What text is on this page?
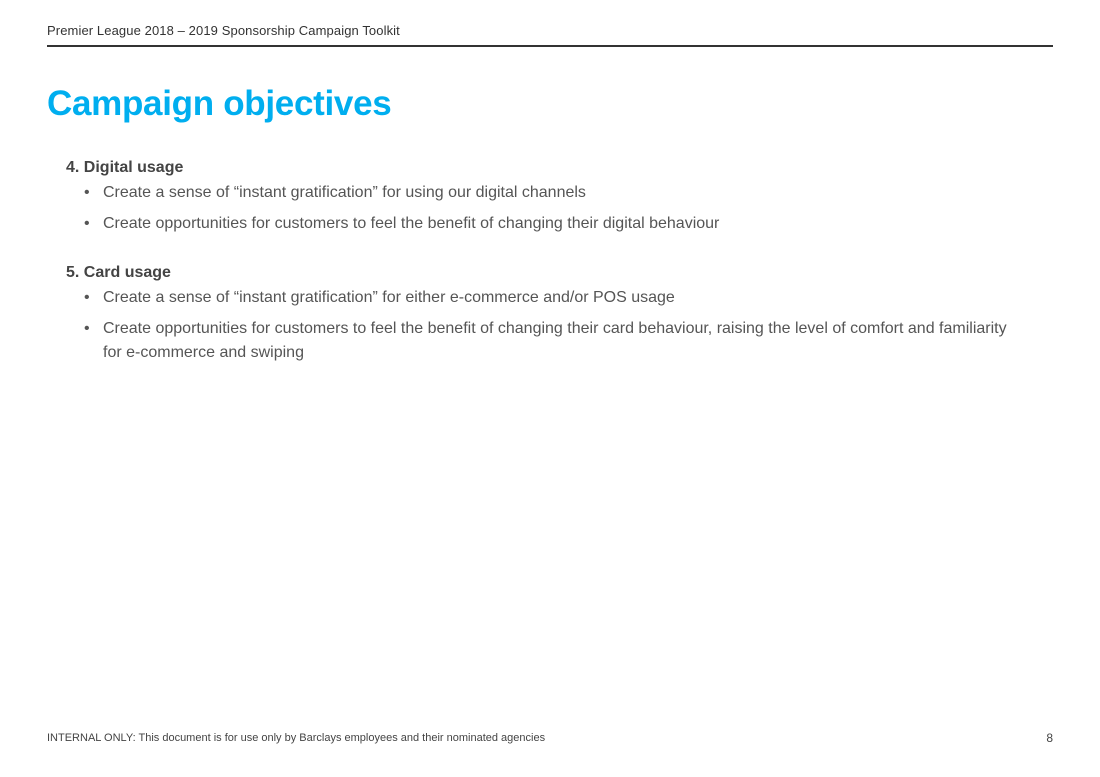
Premier League 2018 – 2019 Sponsorship Campaign Toolkit
Campaign objectives
4. Digital usage
• Create a sense of “instant gratification” for using our digital channels
• Create opportunities for customers to feel the benefit of changing their digital behaviour
5. Card usage
• Create a sense of “instant gratification” for either e-commerce and/or POS usage
• Create opportunities for customers to feel the benefit of changing their card behaviour, raising the level of comfort and familiarity for e-commerce and swiping
INTERNAL ONLY: This document is for use only by Barclays employees and their nominated agencies	8
